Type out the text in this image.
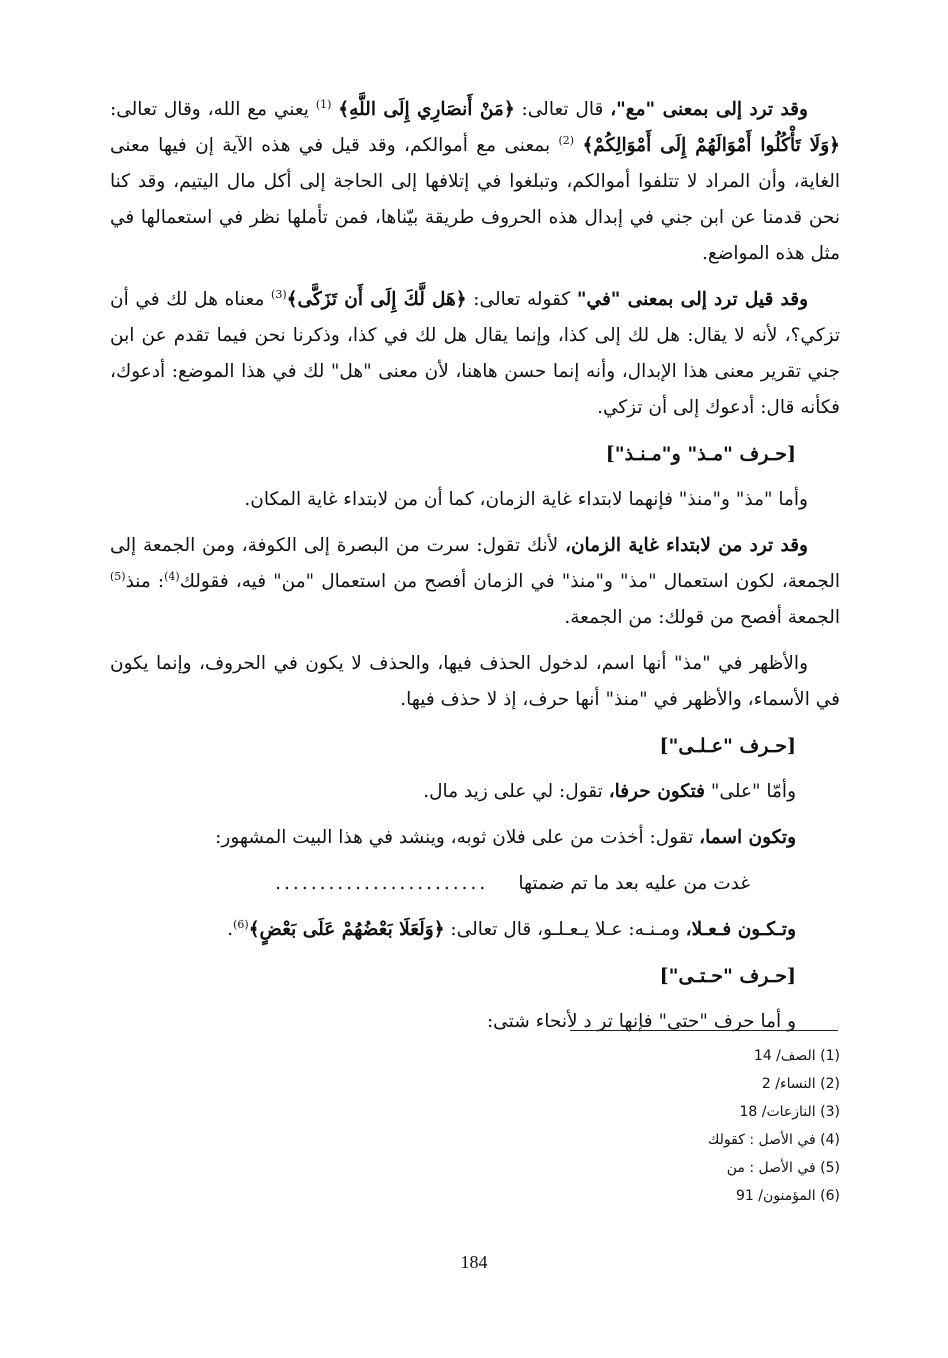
وقد ترد إلى بمعنى "مع"، قال تعالى: ﴿مَنْ أَنصَارِي إِلَى اللَّهِ﴾ $^{(1)}$ يعني مع الله، وقال تعالى: ﴿وَلَا تَأْكُلُوا أَمْوَالَهُمْ إِلَى أَمْوَالِكُمْ﴾ $^{(2)}$ بمعنى مع أموالكم، وقد قيل في هذه الآية إن فيها معنى الغاية، وأن المراد لا تتلفوا أموالكم، وتبلغوا في إتلافها إلى الحاجة إلى أكل مال اليتيم، وقد كنا نحن قدمنا عن ابن جني في إبدال هذه الحروف طريقة بيّناها، فمن تأملها نظر في استعمالها في مثل هذه المواضع.

وقد قيل ترد إلى بمعنى "في" كقوله تعالى: ﴿هَل لَّكَ إِلَى أَن تَزَكَّى﴾$^{(3)}$ معناه هل لك في أن تزكي؟، لأنه لا يقال: هل لك إلى كذا، وإنما يقال هل لك في كذا، وذكرنا نحن فيما تقدم عن ابن جني تقرير معنى هذا الإبدال، وأنه إنما حسن هاهنا، لأن معنى "هل" لك في هذا الموضع: أدعوك، فكأنه قال: أدعوك إلى أن تزكي.

[حـرف "مـذ" و"مـنـذ"]

وأما "مذ" و"منذ" فإنهما لابتداء غاية الزمان، كما أن من لابتداء غاية المكان.

وقد ترد من لابتداء غاية الزمان، لأنك تقول: سرت من البصرة إلى الكوفة، ومن الجمعة إلى الجمعة، لكون استعمال "مذ" و"منذ" في الزمان أفصح من استعمال "من" فيه، فقولك$^{(4)}$: منذ$^{(5)}$ الجمعة أفصح من قولك: من الجمعة.

والأظهر في "مذ" أنها اسم، لدخول الحذف فيها، والحذف لا يكون في الحروف، وإنما يكون في الأسماء، والأظهر في "منذ" أنها حرف، إذ لا حذف فيها.

[حـرف "عـلـى"]
وأمّا "على" فتكون حرفا، تقول: لي على زيد مال.
وتكون اسما، تقول: أخذت من على فلان ثوبه، وينشد في هذا البيت المشهور:
غدت من عليه بعد ما تم ضمتها
........................
وتـكـون فـعـلا، ومـنـه: عـلا يـعـلـو، قال تعالى: ﴿وَلَعَلَا بَعْضُهُمْ عَلَى بَعْضٍ﴾$^{(6)}$.
[حـرف "حـتـى"]
و أما حرف "حتى" فإنها تر د لأنحاء شتى:
(1) الصف/ 14
(2) النساء/ 2
(3) النازعات/ 18
(4) في الأصل : كقولك
(5) في الأصل : من
(6) المؤمنون/ 91
184
